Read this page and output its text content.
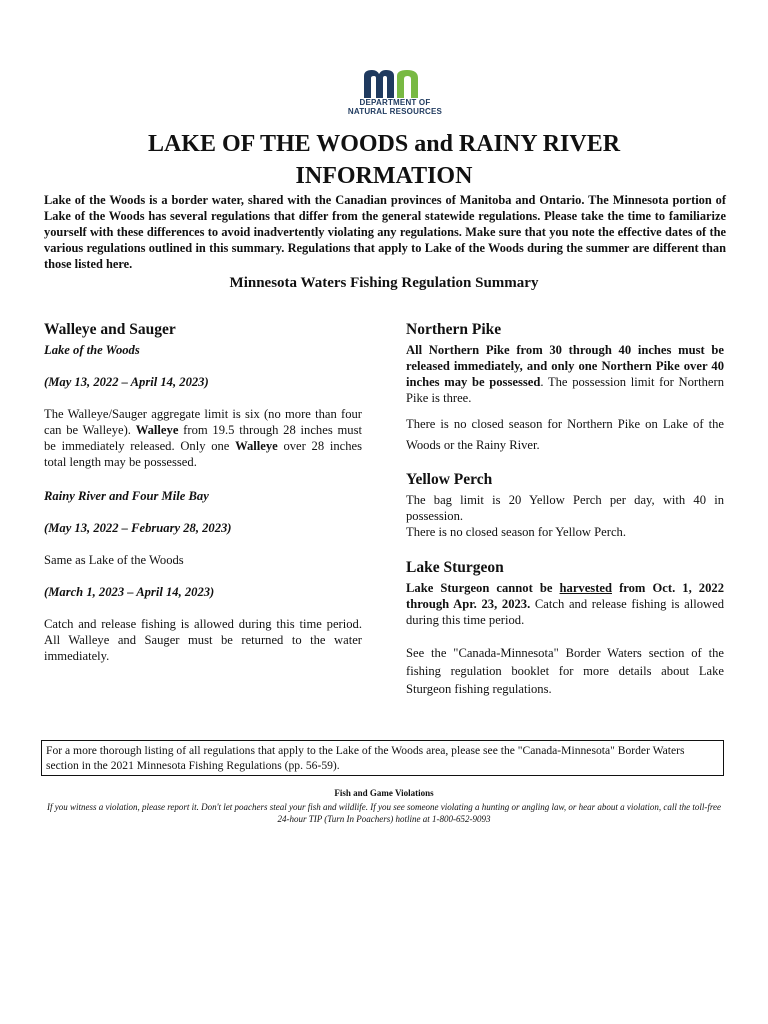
DEPARTMENT OF
NATURAL RESOURCES
LAKE OF THE WOODS and RAINY RIVER
INFORMATION
Lake of the Woods is a border water, shared with the Canadian provinces of Manitoba and Ontario. The Minnesota portion of Lake of the Woods has several regulations that differ from the general statewide regulations. Please take the time to familiarize yourself with these differences to avoid inadvertently violating any regulations. Make sure that you note the effective dates of the various regulations outlined in this summary. Regulations that apply to Lake of the Woods during the summer are different than those listed here.
Minnesota Waters Fishing Regulation Summary
Walleye and Sauger

Lake of the Woods

(May 13, 2022 – April 14, 2023)

The Walleye/Sauger aggregate limit is six (no more than four can be Walleye). Walleye from 19.5 through 28 inches must be immediately released. Only one Walleye over 28 inches total length may be possessed.

Rainy River and Four Mile Bay

(May 13, 2022 – February 28, 2023)

Same as Lake of the Woods

(March 1, 2023 – April 14, 2023)

Catch and release fishing is allowed during this time period. All Walleye and Sauger must be returned to the water immediately.

Northern Pike

All Northern Pike from 30 through 40 inches must be released immediately, and only one Northern Pike over 40 inches may be possessed. The possession limit for Northern Pike is three.

There is no closed season for Northern Pike on Lake of the Woods or the Rainy River.

Yellow Perch

The bag limit is 20 Yellow Perch per day, with 40 in possession.

There is no closed season for Yellow Perch.

Lake Sturgeon

Lake Sturgeon cannot be harvested from Oct. 1, 2022 through Apr. 23, 2023. Catch and release fishing is allowed during this time period.

See the "Canada-Minnesota" Border Waters section of the fishing regulation booklet for more details about Lake Sturgeon fishing regulations.

For a more thorough listing of all regulations that apply to the Lake of the Woods area, please see the "Canada-Minnesota" Border Waters section in the 2021 Minnesota Fishing Regulations (pp. 56-59).
Fish and Game Violations
If you witness a violation, please report it. Don't let poachers steal your fish and wildlife. If you see someone violating a hunting or angling law, or hear about a violation, call the toll-free 24-hour TIP (Turn In Poachers) hotline at 1-800-652-9093
